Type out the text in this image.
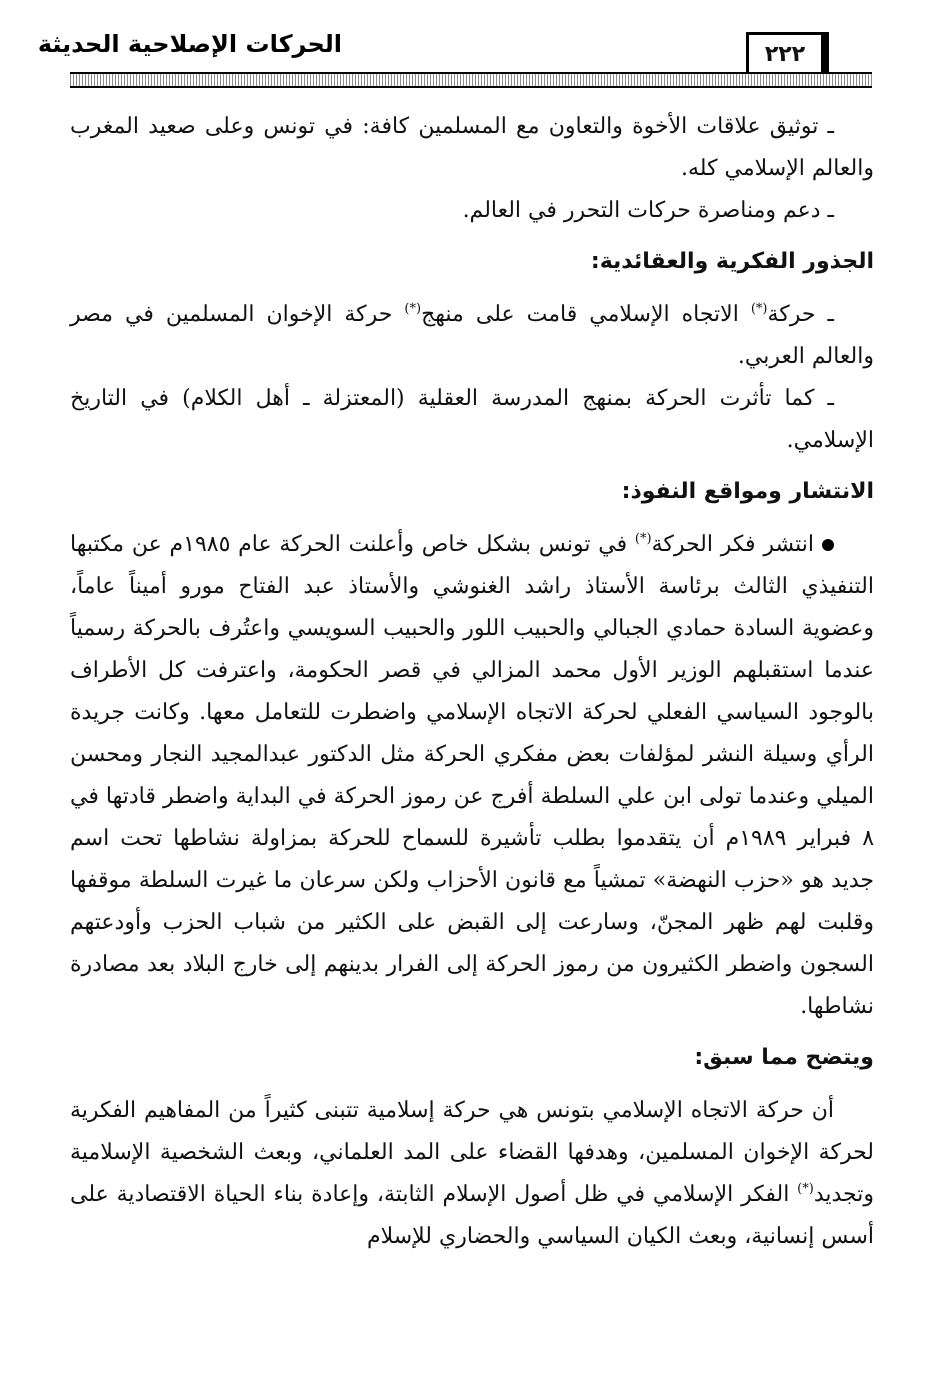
الحركات الإصلاحية الحديثة	٢٢٢

ـ توثيق علاقات الأخوة والتعاون مع المسلمين كافة: في تونس وعلى صعيد المغرب والعالم الإسلامي كله.

ـ دعم ومناصرة حركات التحرر في العالم.

الجذور الفكرية والعقائدية:

ـ حركة(*) الاتجاه الإسلامي قامت على منهج(*) حركة الإخوان المسلمين في مصر والعالم العربي.

ـ كما تأثرت الحركة بمنهج المدرسة العقلية (المعتزلة ـ أهل الكلام) في التاريخ الإسلامي.

الانتشار ومواقع النفوذ:

انتشر فكر الحركة(*) في تونس بشكل خاص وأعلنت الحركة عام ١٩٨٥م عن مكتبها التنفيذي الثالث برئاسة الأستاذ راشد الغنوشي والأستاذ عبد الفتاح مورو أميناً عاماً، وعضوية السادة حمادي الجبالي والحبيب اللور والحبيب السويسي واعتُرف بالحركة رسمياً عندما استقبلهم الوزير الأول محمد المزالي في قصر الحكومة، واعترفت كل الأطراف بالوجود السياسي الفعلي لحركة الاتجاه الإسلامي واضطرت للتعامل معها. وكانت جريدة الرأي وسيلة النشر لمؤلفات بعض مفكري الحركة مثل الدكتور عبدالمجيد النجار ومحسن الميلي وعندما تولى ابن علي السلطة أفرج عن رموز الحركة في البداية واضطر قادتها في ٨ فبراير ١٩٨٩م أن يتقدموا بطلب تأشيرة للسماح للحركة بمزاولة نشاطها تحت اسم جديد هو «حزب النهضة» تمشياً مع قانون الأحزاب ولكن سرعان ما غيرت السلطة موقفها وقلبت لهم ظهر المجنّ، وسارعت إلى القبض على الكثير من شباب الحزب وأودعتهم السجون واضطر الكثيرون من رموز الحركة إلى الفرار بدينهم إلى خارج البلاد بعد مصادرة نشاطها.

ويتضح مما سبق:

أن حركة الاتجاه الإسلامي بتونس هي حركة إسلامية تتبنى كثيراً من المفاهيم الفكرية لحركة الإخوان المسلمين، وهدفها القضاء على المد العلماني، وبعث الشخصية الإسلامية وتجديد(*) الفكر الإسلامي في ظل أصول الإسلام الثابتة، وإعادة بناء الحياة الاقتصادية على أسس إنسانية، وبعث الكيان السياسي والحضاري للإسلام
